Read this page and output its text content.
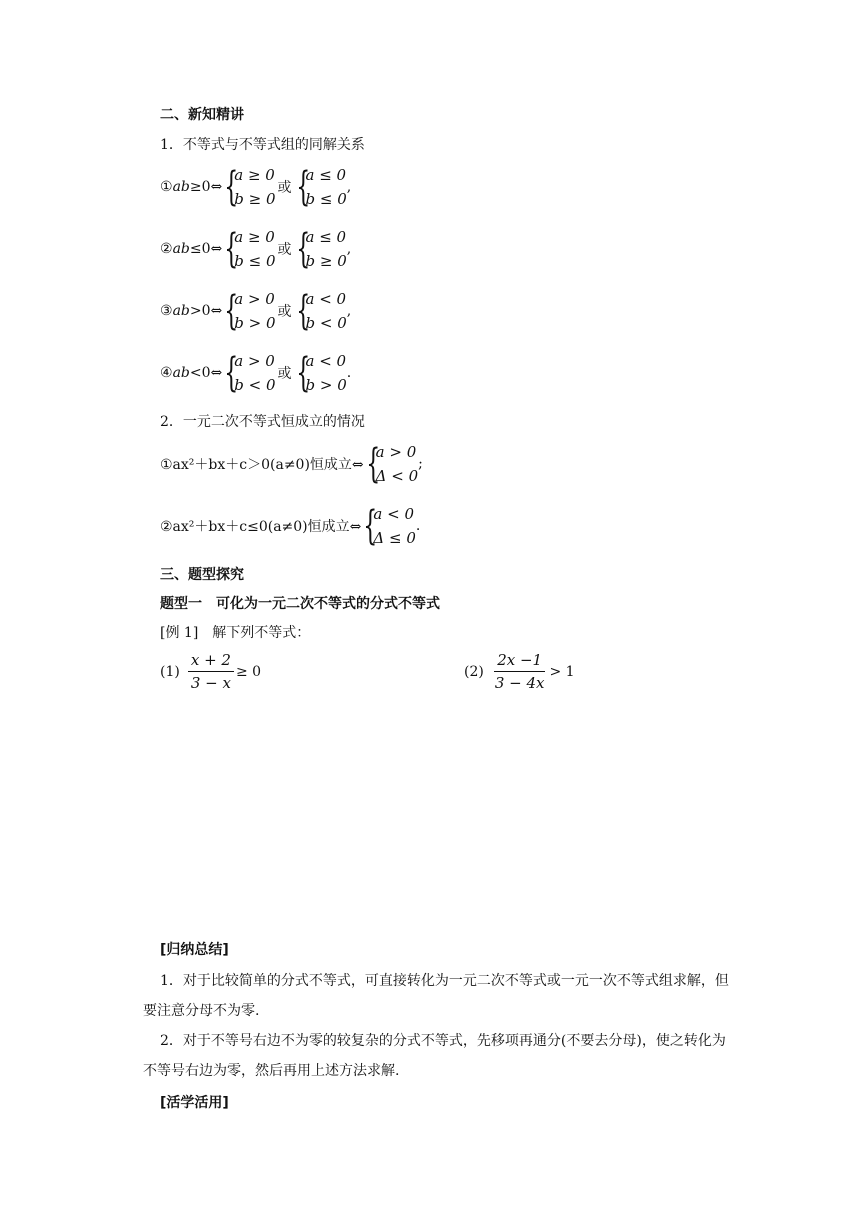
二、新知精讲
1．不等式与不等式组的同解关系
① ab ≥0⇔ {
a ≥ 0
b ≥ 0
或 {
a ≤ 0
b ≤ 0
,
② ab ≤0⇔ {
a ≥ 0
b ≤ 0
或 {
a ≤ 0
b ≥ 0
,
③ ab >0⇔ {
a > 0
b > 0
或 {
a < 0
b < 0
,
④ ab <0⇔ {
a > 0
b < 0
或 {
a < 0
b > 0
.
2．一元二次不等式恒成立的情况
①ax²＋bx＋c＞0(a≠0)恒成立⇔ {
a > 0
Δ < 0
;
②ax²＋bx＋c≤0(a≠0)恒成立⇔ {
a < 0
Δ ≤ 0
.
三、题型探究
题型一　可化为一元二次不等式的分式不等式
[例 1]　解下列不等式：
$(1) \frac{x + 2}{3 - x} \ge 0$	$(2) \frac{2x -1}{3 - 4x} > 1$
[归纳总结]
1．对于比较简单的分式不等式，可直接转化为一元二次不等式或一元一次不等式组求解，但要注意分母不为零.
2．对于不等号右边不为零的较复杂的分式不等式，先移项再通分(不要去分母)，使之转化为不等号右边为零，然后再用上述方法求解.
[活学活用]
